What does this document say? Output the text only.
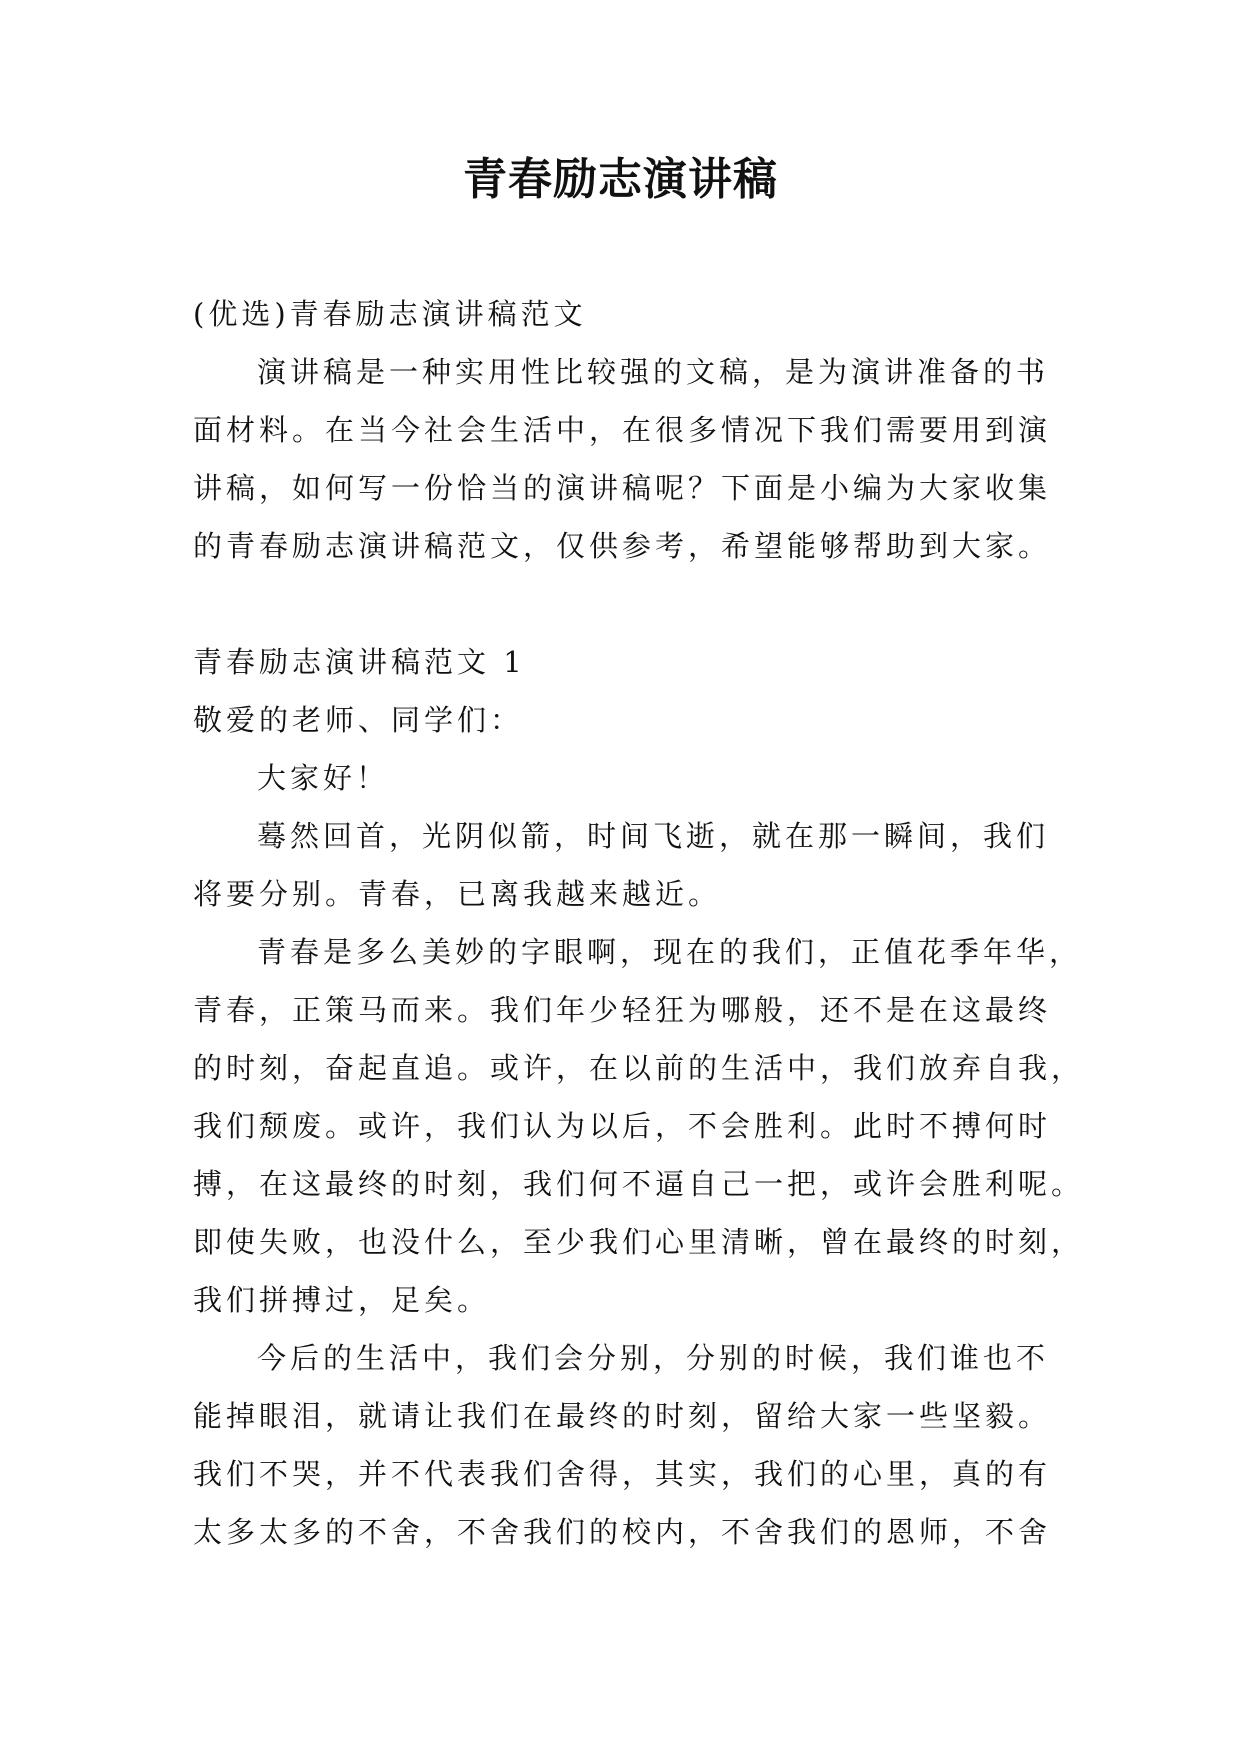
青春励志演讲稿
(优选)青春励志演讲稿范文
演讲稿是一种实用性比较强的文稿，是为演讲准备的书
面材料。在当今社会生活中，在很多情况下我们需要用到演
讲稿，如何写一份恰当的演讲稿呢？下面是小编为大家收集
的青春励志演讲稿范文，仅供参考，希望能够帮助到大家。
青春励志演讲稿范文 1
敬爱的老师、同学们：
大家好！
蓦然回首，光阴似箭，时间飞逝，就在那一瞬间，我们
将要分别。青春，已离我越来越近。
青春是多么美妙的字眼啊，现在的我们，正值花季年华，
青春，正策马而来。我们年少轻狂为哪般，还不是在这最终
的时刻，奋起直追。或许，在以前的生活中，我们放弃自我，
我们颓废。或许，我们认为以后，不会胜利。此时不搏何时
搏，在这最终的时刻，我们何不逼自己一把，或许会胜利呢。
即使失败，也没什么，至少我们心里清晰，曾在最终的时刻，
我们拼搏过，足矣。
今后的生活中，我们会分别，分别的时候，我们谁也不
能掉眼泪，就请让我们在最终的时刻，留给大家一些坚毅。
我们不哭，并不代表我们舍得，其实，我们的心里，真的有
太多太多的不舍，不舍我们的校内，不舍我们的恩师，不舍
